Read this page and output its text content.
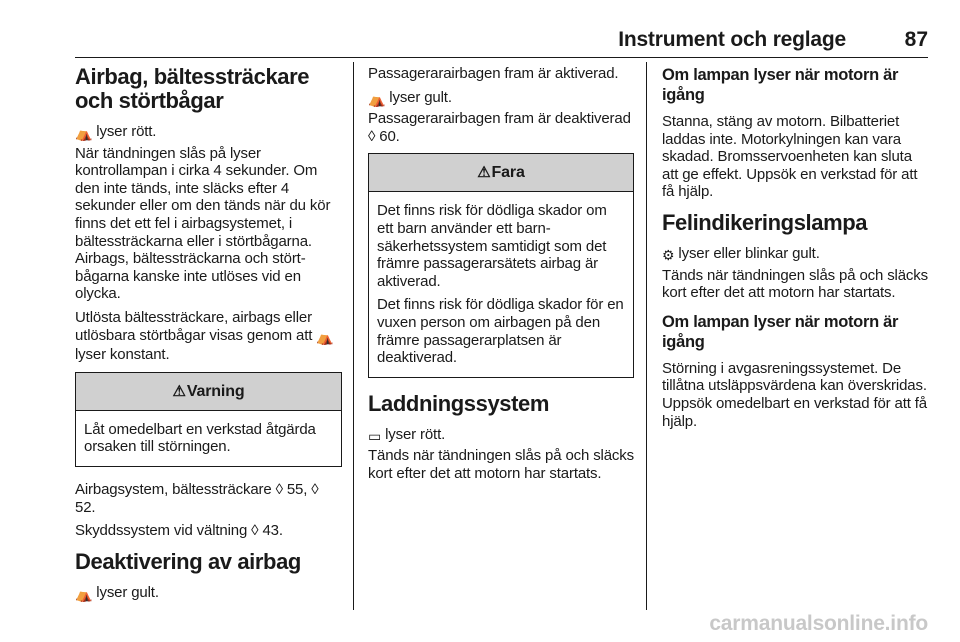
Instrument och reglage	87
Airbag, bältessträckare och störtbågar

⛺ lyser rött.

När tändningen slås på lyser kontrollampan i cirka 4 sekunder. Om den inte tänds, inte släcks efter 4 sekunder eller om den tänds när du kör finns det ett fel i airbagsystemet, i bältessträckarna eller i störtbågarna. Airbags, bältessträckarna och störtbågarna kanske inte utlöses vid en olycka.

Utlösta bältessträckare, airbags eller utlösbara störtbågar visas genom att ⛺lyser konstant.

⚠Varning

Låt omedelbart en verkstad åtgärda orsaken till störningen.

Airbagsystem, bältessträckare ◊ 55, ◊ 52.

Skyddssystem vid vältning ◊ 43.

Deaktivering av airbag

⛺ lyser gult.

Passagerarairbagen fram är aktiverad.

⛺ lyser gult.

Passagerarairbagen fram är deaktiverad ◊ 60.

⚠Fara

Det finns risk för dödliga skador om ett barn använder ett barnsäkerhetssystem samtidigt som det främre passagerarsätets airbag är aktiverad.

Det finns risk för dödliga skador för en vuxen person om airbagen på den främre passagerarplatsen är deaktiverad.

Laddningssystem

▭ lyser rött.

Tänds när tändningen slås på och släcks kort efter det att motorn har startats.

Om lampan lyser när motorn är igång

Stanna, stäng av motorn. Bilbatteriet laddas inte. Motorkylningen kan vara skadad. Bromsservoenheten kan sluta att ge effekt. Uppsök en verkstad för att få hjälp.

Felindikeringslampa

⚙ lyser eller blinkar gult.

Tänds när tändningen slås på och släcks kort efter det att motorn har startats.

Om lampan lyser när motorn är igång

Störning i avgasreningssystemet. De tillåtna utsläppsvärdena kan överskridas. Uppsök omedelbart en verkstad för att få hjälp.

carmanualsonline.info
